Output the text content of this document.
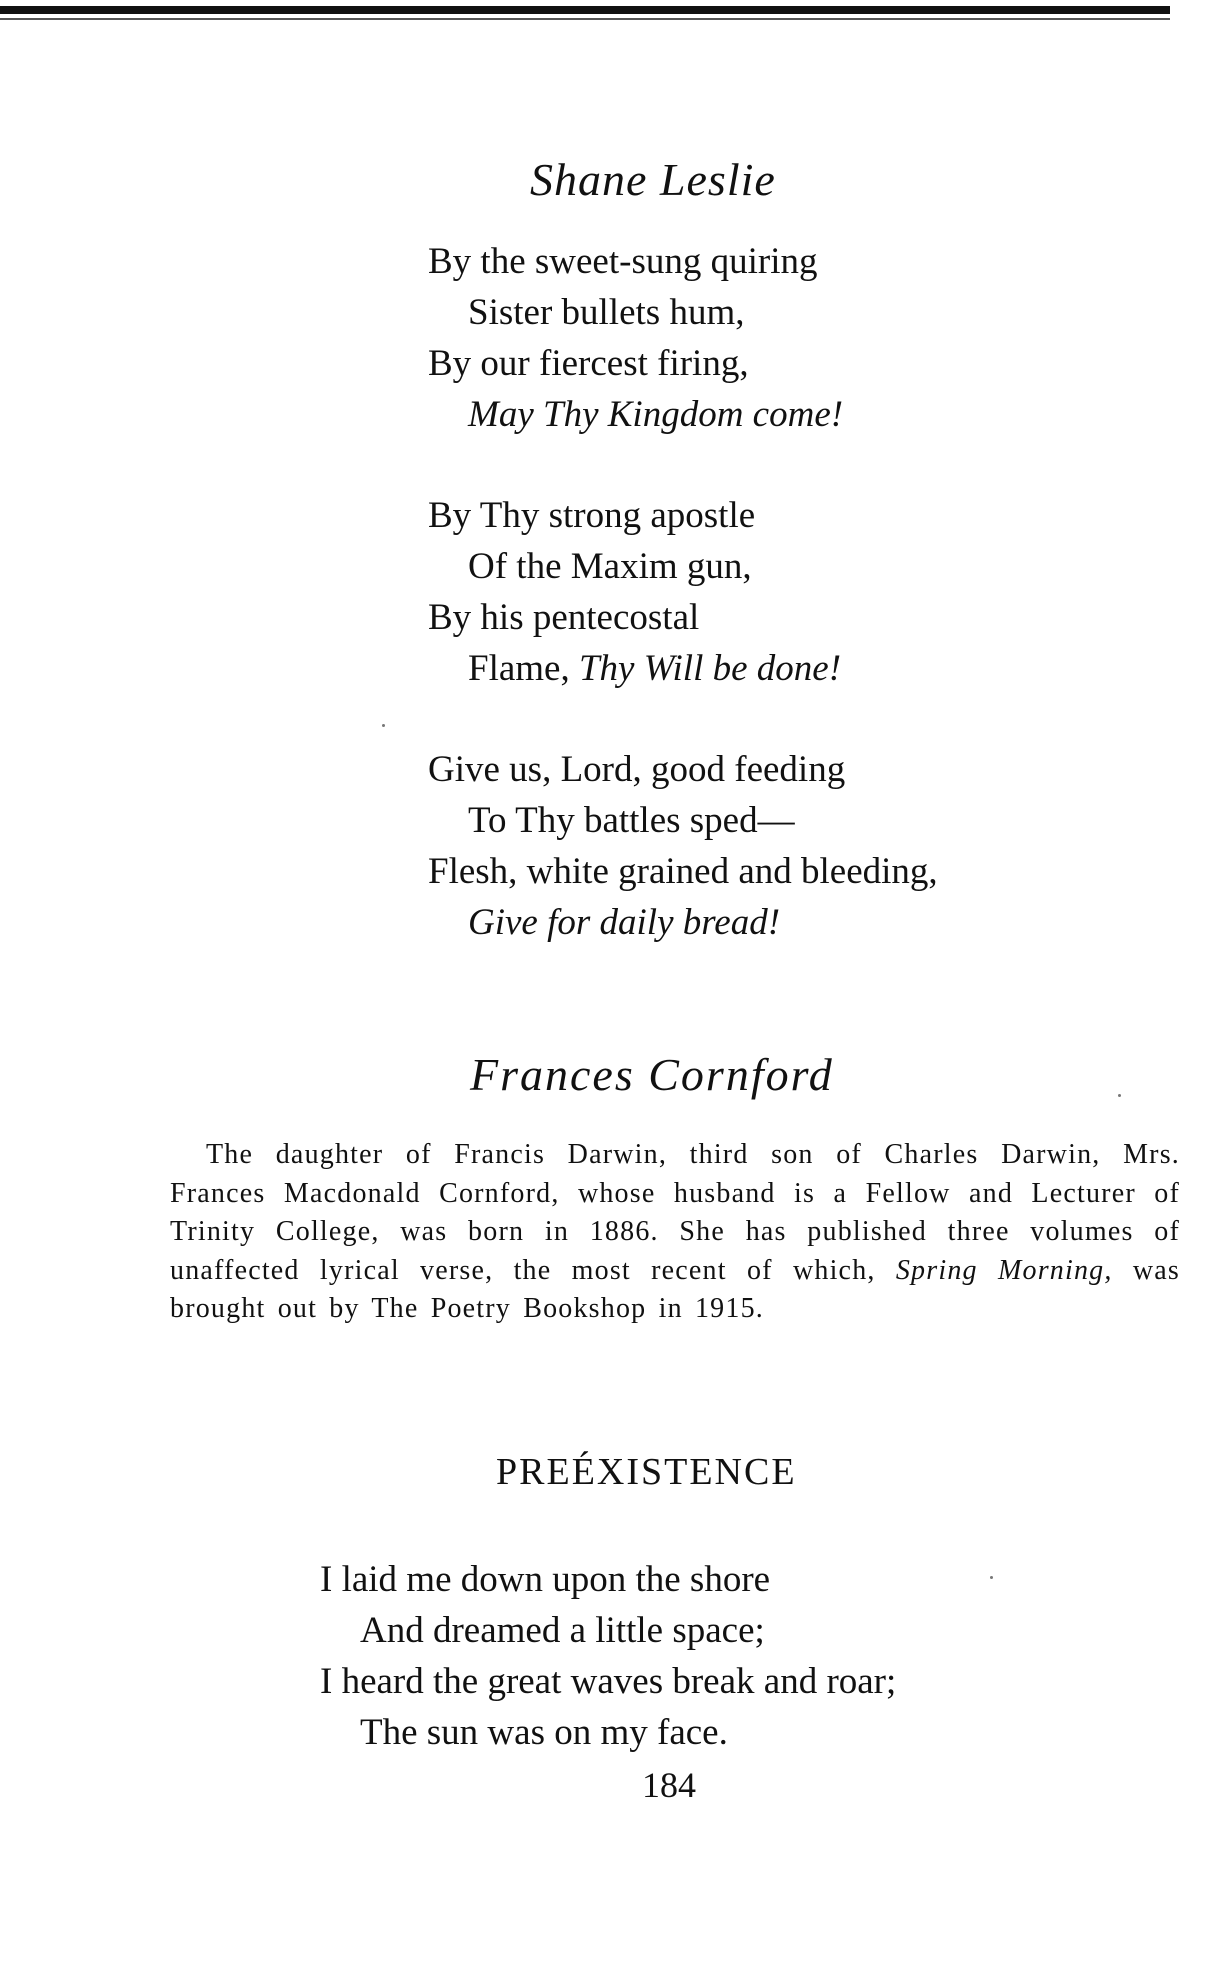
Shane Leslie
By the sweet-sung quiring
Sister bullets hum,
By our fiercest firing,
May Thy Kingdom come!
By Thy strong apostle
Of the Maxim gun,
By his pentecostal
Flame, Thy Will be done!
Give us, Lord, good feeding
To Thy battles sped—
Flesh, white grained and bleeding,
Give for daily bread!
Frances Cornford

The daughter of Francis Darwin, third son of Charles Darwin, Mrs. Frances Macdonald Cornford, whose husband is a Fellow and Lecturer of Trinity College, was born in 1886. She has published three volumes of unaffected lyrical verse, the most recent of which, Spring Morning, was brought out by The Poetry Bookshop in 1915.

PREÉXISTENCE
I laid me down upon the shore
And dreamed a little space;
I heard the great waves break and roar;
The sun was on my face.
184
